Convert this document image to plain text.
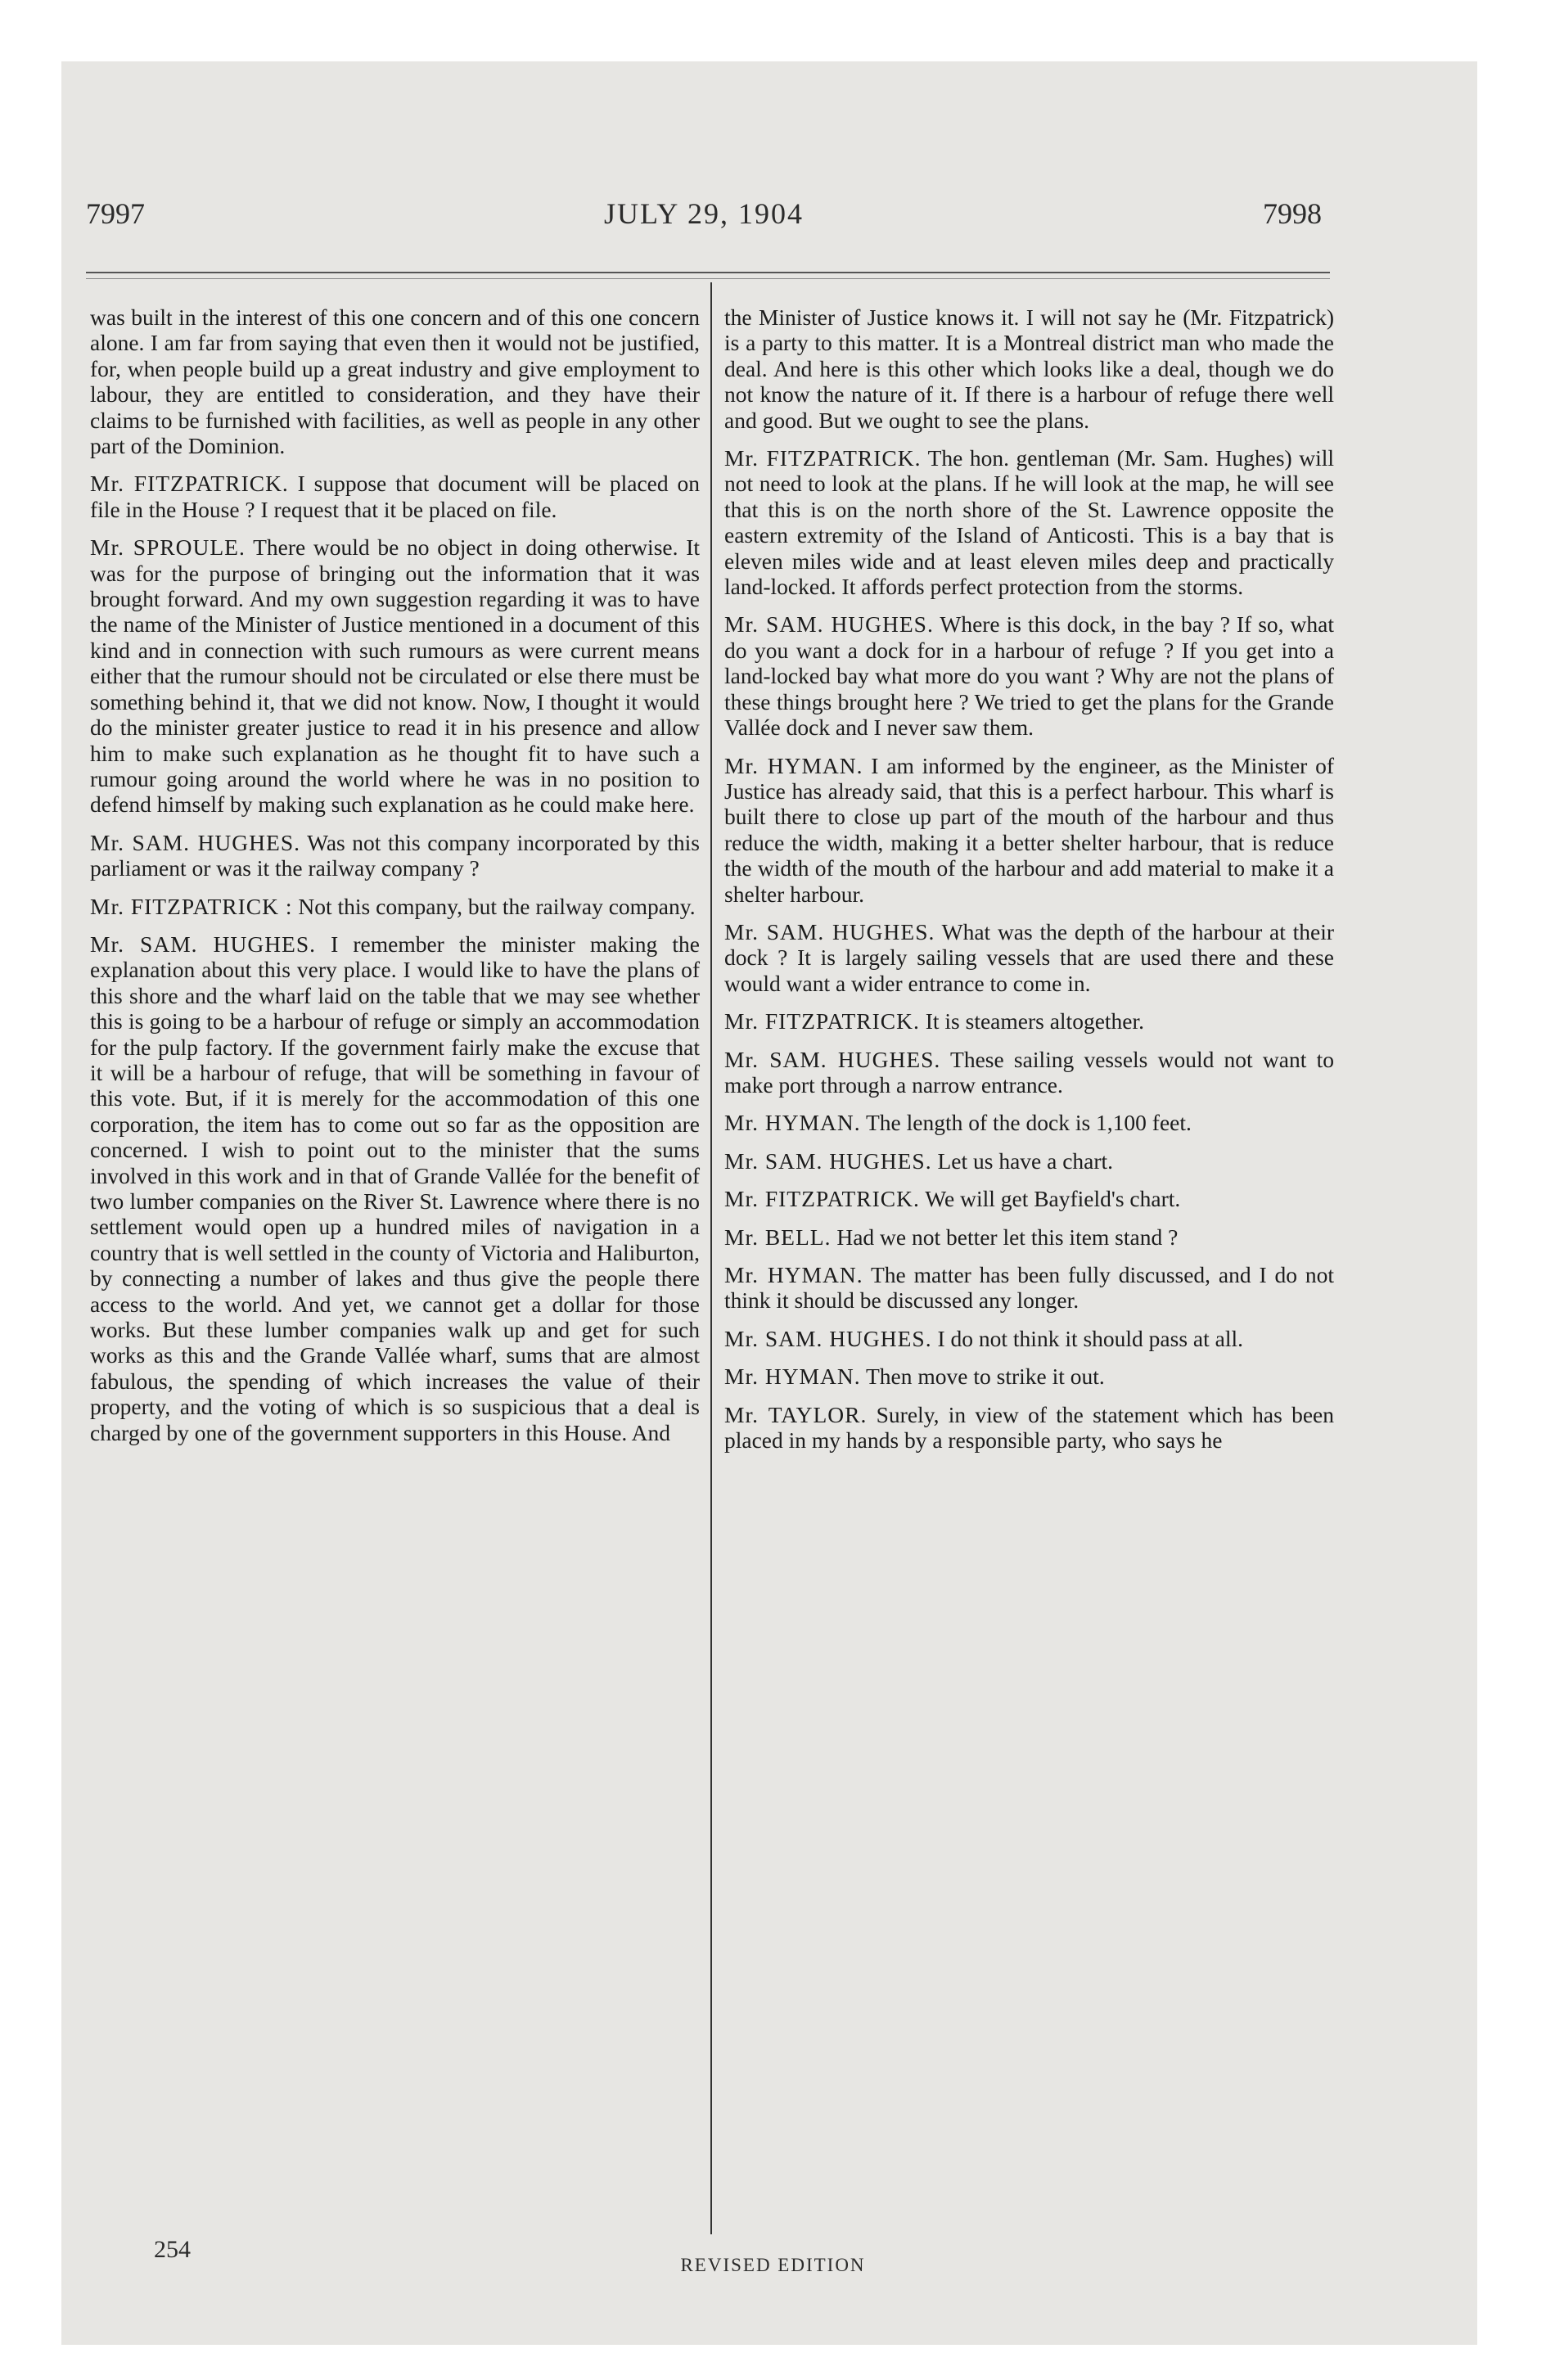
7997	JULY 29, 1904	7998

was built in the interest of this one concern and of this one concern alone. I am far from saying that even then it would not be justified, for, when people build up a great industry and give employment to labour, they are entitled to consideration, and they have their claims to be furnished with facilities, as well as people in any other part of the Dominion.

Mr. FITZPATRICK. I suppose that document will be placed on file in the House ? I request that it be placed on file.

Mr. SPROULE. There would be no object in doing otherwise. It was for the purpose of bringing out the information that it was brought forward. And my own suggestion regarding it was to have the name of the Minister of Justice mentioned in a document of this kind and in connection with such rumours as were current means either that the rumour should not be circulated or else there must be something behind it, that we did not know. Now, I thought it would do the minister greater justice to read it in his presence and allow him to make such explanation as he thought fit to have such a rumour going around the world where he was in no position to defend himself by making such explanation as he could make here.

Mr. SAM. HUGHES. Was not this company incorporated by this parliament or was it the railway company ?

Mr. FITZPATRICK : Not this company, but the railway company.

Mr. SAM. HUGHES. I remember the minister making the explanation about this very place. I would like to have the plans of this shore and the wharf laid on the table that we may see whether this is going to be a harbour of refuge or simply an accommodation for the pulp factory. If the government fairly make the excuse that it will be a harbour of refuge, that will be something in favour of this vote. But, if it is merely for the accommodation of this one corporation, the item has to come out so far as the opposition are concerned. I wish to point out to the minister that the sums involved in this work and in that of Grande Vallée for the benefit of two lumber companies on the River St. Lawrence where there is no settlement would open up a hundred miles of navigation in a country that is well settled in the county of Victoria and Haliburton, by connecting a number of lakes and thus give the people there access to the world. And yet, we cannot get a dollar for those works. But these lumber companies walk up and get for such works as this and the Grande Vallée wharf, sums that are almost fabulous, the spending of which increases the value of their property, and the voting of which is so suspicious that a deal is charged by one of the government supporters in this House. And

the Minister of Justice knows it. I will not say he (Mr. Fitzpatrick) is a party to this matter. It is a Montreal district man who made the deal. And here is this other which looks like a deal, though we do not know the nature of it. If there is a harbour of refuge there well and good. But we ought to see the plans.

Mr. FITZPATRICK. The hon. gentleman (Mr. Sam. Hughes) will not need to look at the plans. If he will look at the map, he will see that this is on the north shore of the St. Lawrence opposite the eastern extremity of the Island of Anticosti. This is a bay that is eleven miles wide and at least eleven miles deep and practically land-locked. It affords perfect protection from the storms.

Mr. SAM. HUGHES. Where is this dock, in the bay ? If so, what do you want a dock for in a harbour of refuge ? If you get into a land-locked bay what more do you want ? Why are not the plans of these things brought here ? We tried to get the plans for the Grande Vallée dock and I never saw them.

Mr. HYMAN. I am informed by the engineer, as the Minister of Justice has already said, that this is a perfect harbour. This wharf is built there to close up part of the mouth of the harbour and thus reduce the width, making it a better shelter harbour, that is reduce the width of the mouth of the harbour and add material to make it a shelter harbour.

Mr. SAM. HUGHES. What was the depth of the harbour at their dock ? It is largely sailing vessels that are used there and these would want a wider entrance to come in.

Mr. FITZPATRICK. It is steamers altogether.

Mr. SAM. HUGHES. These sailing vessels would not want to make port through a narrow entrance.

Mr. HYMAN. The length of the dock is 1,100 feet.

Mr. SAM. HUGHES. Let us have a chart.

Mr. FITZPATRICK. We will get Bayfield's chart.

Mr. BELL. Had we not better let this item stand ?

Mr. HYMAN. The matter has been fully discussed, and I do not think it should be discussed any longer.

Mr. SAM. HUGHES. I do not think it should pass at all.

Mr. HYMAN. Then move to strike it out.

Mr. TAYLOR. Surely, in view of the statement which has been placed in my hands by a responsible party, who says he

254
REVISED EDITION
